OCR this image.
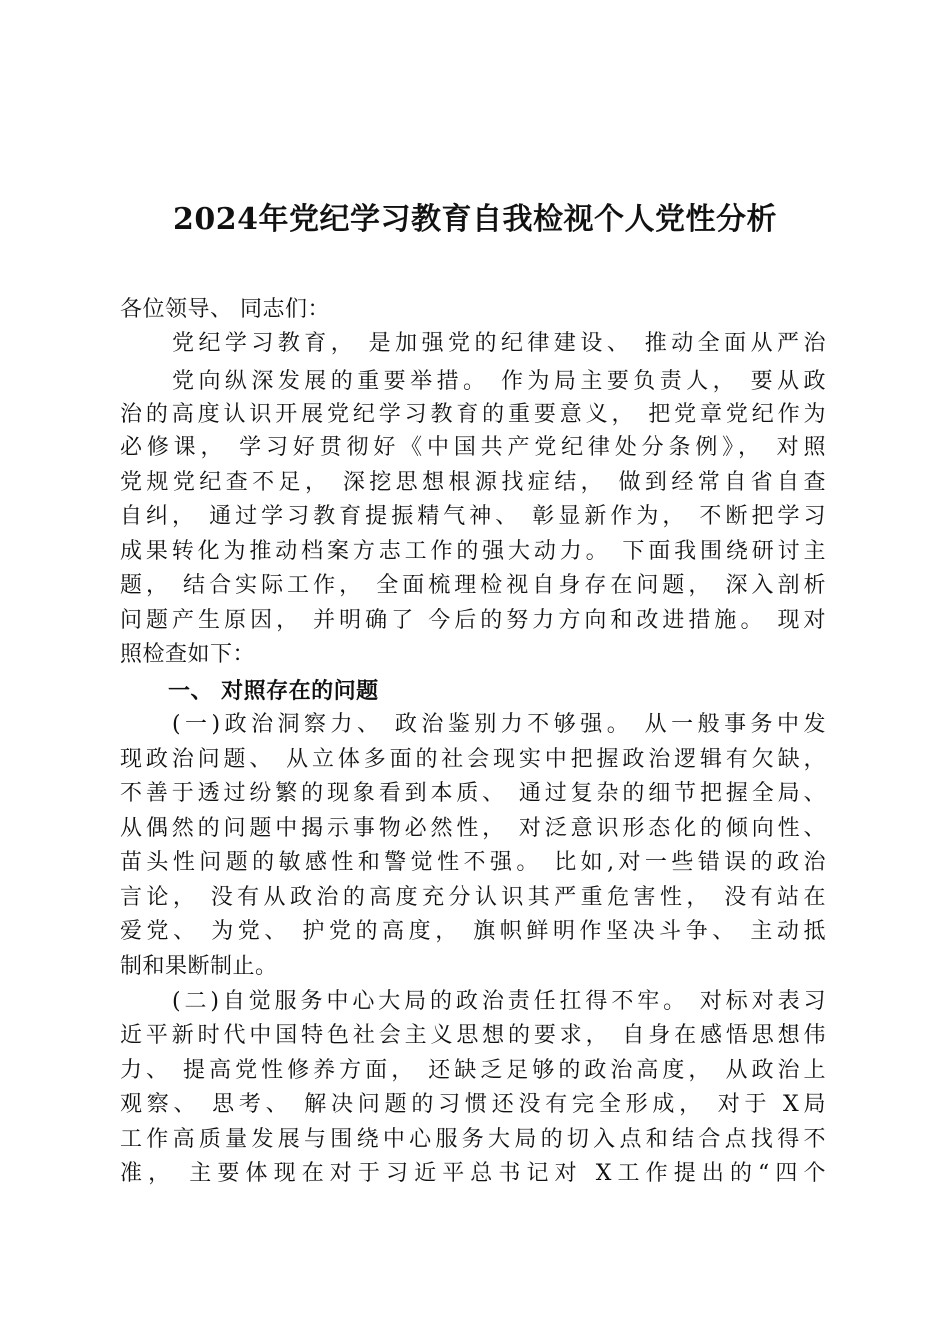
2024年党纪学习教育自我检视个人党性分析
各位领导、 同志们：
党纪学习教育， 是加强党的纪律建设、 推动全面从严治
党向纵深发展的重要举措。 作为局主要负责人， 要从政
治的高度认识开展党纪学习教育的重要意义， 把党章党纪作为
必修课， 学习好贯彻好《中国共产党纪律处分条例》， 对照
党规党纪查不足， 深挖思想根源找症结， 做到经常自省自查
自纠， 通过学习教育提振精气神、 彰显新作为， 不断把学习
成果转化为推动档案方志工作的强大动力。 下面我围绕研讨主
题， 结合实际工作， 全面梳理检视自身存在问题， 深入剖析
问题产生原因， 并明确了 今后的努力方向和改进措施。 现对
照检查如下：
一、 对照存在的问题
(一)政治洞察力、 政治鉴别力不够强。 从一般事务中发
现政治问题、 从立体多面的社会现实中把握政治逻辑有欠缺，
不善于透过纷繁的现象看到本质、 通过复杂的细节把握全局、
从偶然的问题中揭示事物必然性， 对泛意识形态化的倾向性、
苗头性问题的敏感性和警觉性不强。 比如,对一些错误的政治
言论， 没有从政治的高度充分认识其严重危害性， 没有站在
爱党、 为党、 护党的高度， 旗帜鲜明作坚决斗争、 主动抵
制和果断制止。
(二)自觉服务中心大局的政治责任扛得不牢。 对标对表习
近平新时代中国特色社会主义思想的要求， 自身在感悟思想伟
力、 提高党性修养方面， 还缺乏足够的政治高度， 从政治上
观察、 思考、 解决问题的习惯还没有完全形成， 对于 X局
工作高质量发展与围绕中心服务大局的切入点和结合点找得不
准， 主要体现在对于习近平总书记对 X工作提出的“四个
